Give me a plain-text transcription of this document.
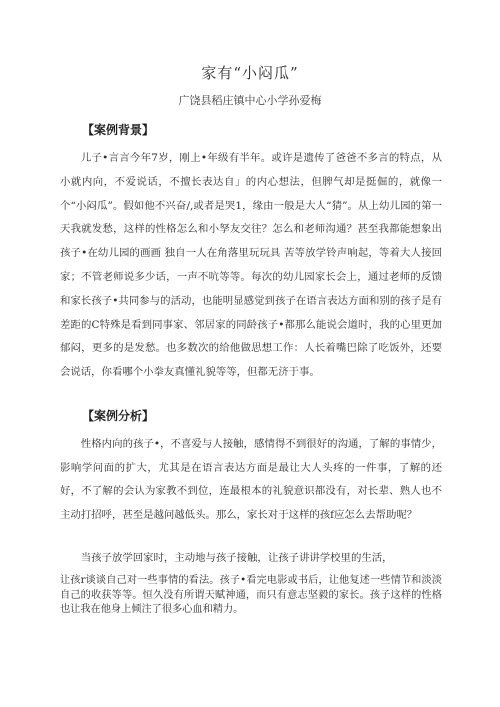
家有“小闷瓜”
广饶县稻庄镇中心小学孙爱梅
【案例背景】

儿子•言言今年7岁，刚上•年级有半年。或许是遗传了爸爸不多言的特点，从小就内向，不爱说话，不擅长表达自」的内心想法，但脾气却是挺倔的，就像一个“小闷瓜”。假如他不兴奋/,或者是哭1，缘由一般是大人“猜”。从上幼儿园的第一天我就发愁，这样的性格怎么和小孥友交往？怎么和老师沟通？甚至我都能想象出孩子•在幼儿园的画画 独自一人在角落里玩玩具 苦等放学铃声响起，等着大人接回家；不管老师说多少话，一声不吭等等。每次的幼儿园家长会上，通过老师的反馈和家长孩子•共同参与的活动，也能明显感觉到孩子在语言表达方面和别的孩子是有差距的C特殊是看到同事家、邻居家的同龄孩子•都那么能说会道时，我的心里更加郁闷，更多的是发愁。也多数次的给他做思想工作：人长着嘴巴除了吃饭外，还要会说话，你看哪个小拳友真懂礼貌等等，但都无济于事。

【案例分析】

性格内向的孩子•，不喜爱与人接触，感情得不到很好的沟通，了解的事情少，影响学问面的扩大，尤其是在语言表达方面是最让大人头疼的一件事，了解的还好，不了解的会认为家教不到位，连最根本的礼貌意识都没有，对长辈、熟人也不主动打招呼，甚至是越问越低头。那么，家长对于这样的孩f应怎么去帮助呢？

当孩子放学回家时，主动地与孩子接触，让孩子讲讲学校里的生活，

让孩r谈谈自己对一些事情的看法。孩子•看完电影或书后，让他复述一些情节和淡淡自己的收获等等。恒久没有所谓天赋神通，而只有意志坚毅的家长。孩子这样的性格也让我在他身上倾注了很多心血和精力。
